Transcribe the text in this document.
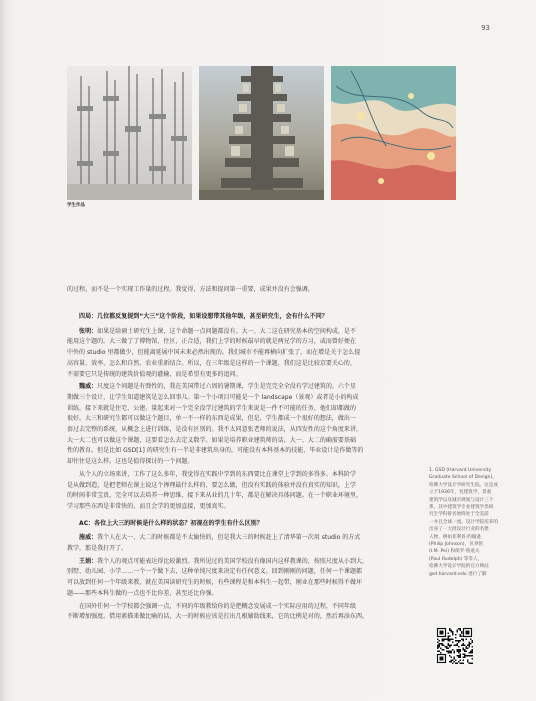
93
学生作品

的过程。而不是一个实现工作量的过程。我觉得，方法和提问第一重要，成果并没有会强调。

　　四局：几位都反复提到“大三”这个阶段，如果设想带其他年级，甚至研究生，会有什么不同？

　　张明：如果是给硕士研究生上课，这个命题一点问题都没有。大一、大二这在研究基本的空间构成，是不

能用这个题的。大三做了了博物馆、住区、正合适，我们上学的时候最早的就是两兄学的方习，或而曾好便在

中外的 studio 里都做少，但能离延展中国未来必然出现的。我们城市不能再横向扩张了，而在增是关于怎么提

高容量、效率、怎么和自然、农业重新结合。所以，在三年级是这样的一个课题，我们这是比较京要关心的，

不需要它只是传统的建筑价值观的灌输，而是希望有更多的追问。

　　魏威：尺度这个问题是有弹性的，我在美国带过六周的暑期课，学生是完完全全没有学过建筑的，六个星

期做三个设计，让学生知道建筑是怎么回事儿。第一个小项目可能是一个 landscape（景观）或者是小的构成

训练，接下来就是住宅、公建。量起来对一个完全没学过建筑的学生来说是一件不可能的任务，他们却都做的

很好。大三和研究生都可以做这个题目，单一不一样的东西是成果，但是，学生都成一个很好的想法，做出一

套过去完整的系统，从概念上进行训练，是没有区别的。我不太同意张老师的说法，从四发性的这个角度来讲，

大一大二也可以做这个课题，这要看怎么去定义数学。如果是培养职业建筑师的话，大一、大二的确需要基础

性的教育。但是比如 GSD[1] 的研究生有一半是非建筑出身的，可能没有本科基本的技能，毕业设计是作做等的

却往往是这么样。这也是值得探讨的一个问题。

　　从个人的立场来讲，工作了这么多年，我觉得在实践中学到的东西要比在课堂上学到的多得多。本科阶学

是从做到造，是把老师在课上说这个禅理最什么样的、要怎么做，但没有实践的体验并没有真实的知识。上学

的时间非常宝贵，完全可以去培养一种思维，接下来从业的几十年，都是在解决具体问题。在一个职业环境里，

学习那些东西是非常快的，而且会学的更加直接，更加真实。

　　AC：各位上大三的时候是什么样的状态？初视在的学生有什么区别？

　　施威：我个人在大一、大二的时候都是不太愉快的，但是我大三的时候赶上了清华第一次用 studio 的方式

教学，那是我打开了。

　　王娟：我个人的观点可能表达得比较激烈。我所见过的美国学校没有像国内这样教课的，按照尺度从小到大，

别墅、幼儿园、小学……一个一个做下去，这种单纯尺度来决定有任何意义。回到刚刚的问题，任何一个课题都

可以放到任何一个年级来教，就在美国读研究生的时候，有些课程是和本科生一起带，刚业在那些时候得不做坏

题——那些本科生做的一点也不比你差，甚至还比你强。

　　在国外任何一个学校都会强调一点，不同的年级教给你的是把概念发展成一个实际应用的过程，不同年级

不断增加强度。借用素描来做比喻的话，大一的时候应该是打出几根辅助线来，它的比例是对的，然后再添东西。

1. GSD (Harvard University
Graduate School of Design)，
哈佛大学设计学研究生院。这是成
立于1936年，包建筑学、景观
建筑学以及城市规划与设计三个
系，其中建筑学专业建筑学类研
究生学科排名始终处于全美前
一并且全球一流。设计学院培养的
出身了一大批设计行业的名建
人物，例如菲利普·约翰逊
(Philip Johnson)，贝聿铭
(I.M. Pei) 和保罗·鲁道夫
(Paul Rudolph) 等等人，
哈佛大学设计学院的官方网站
gsd.harvard.edu 进行了解
